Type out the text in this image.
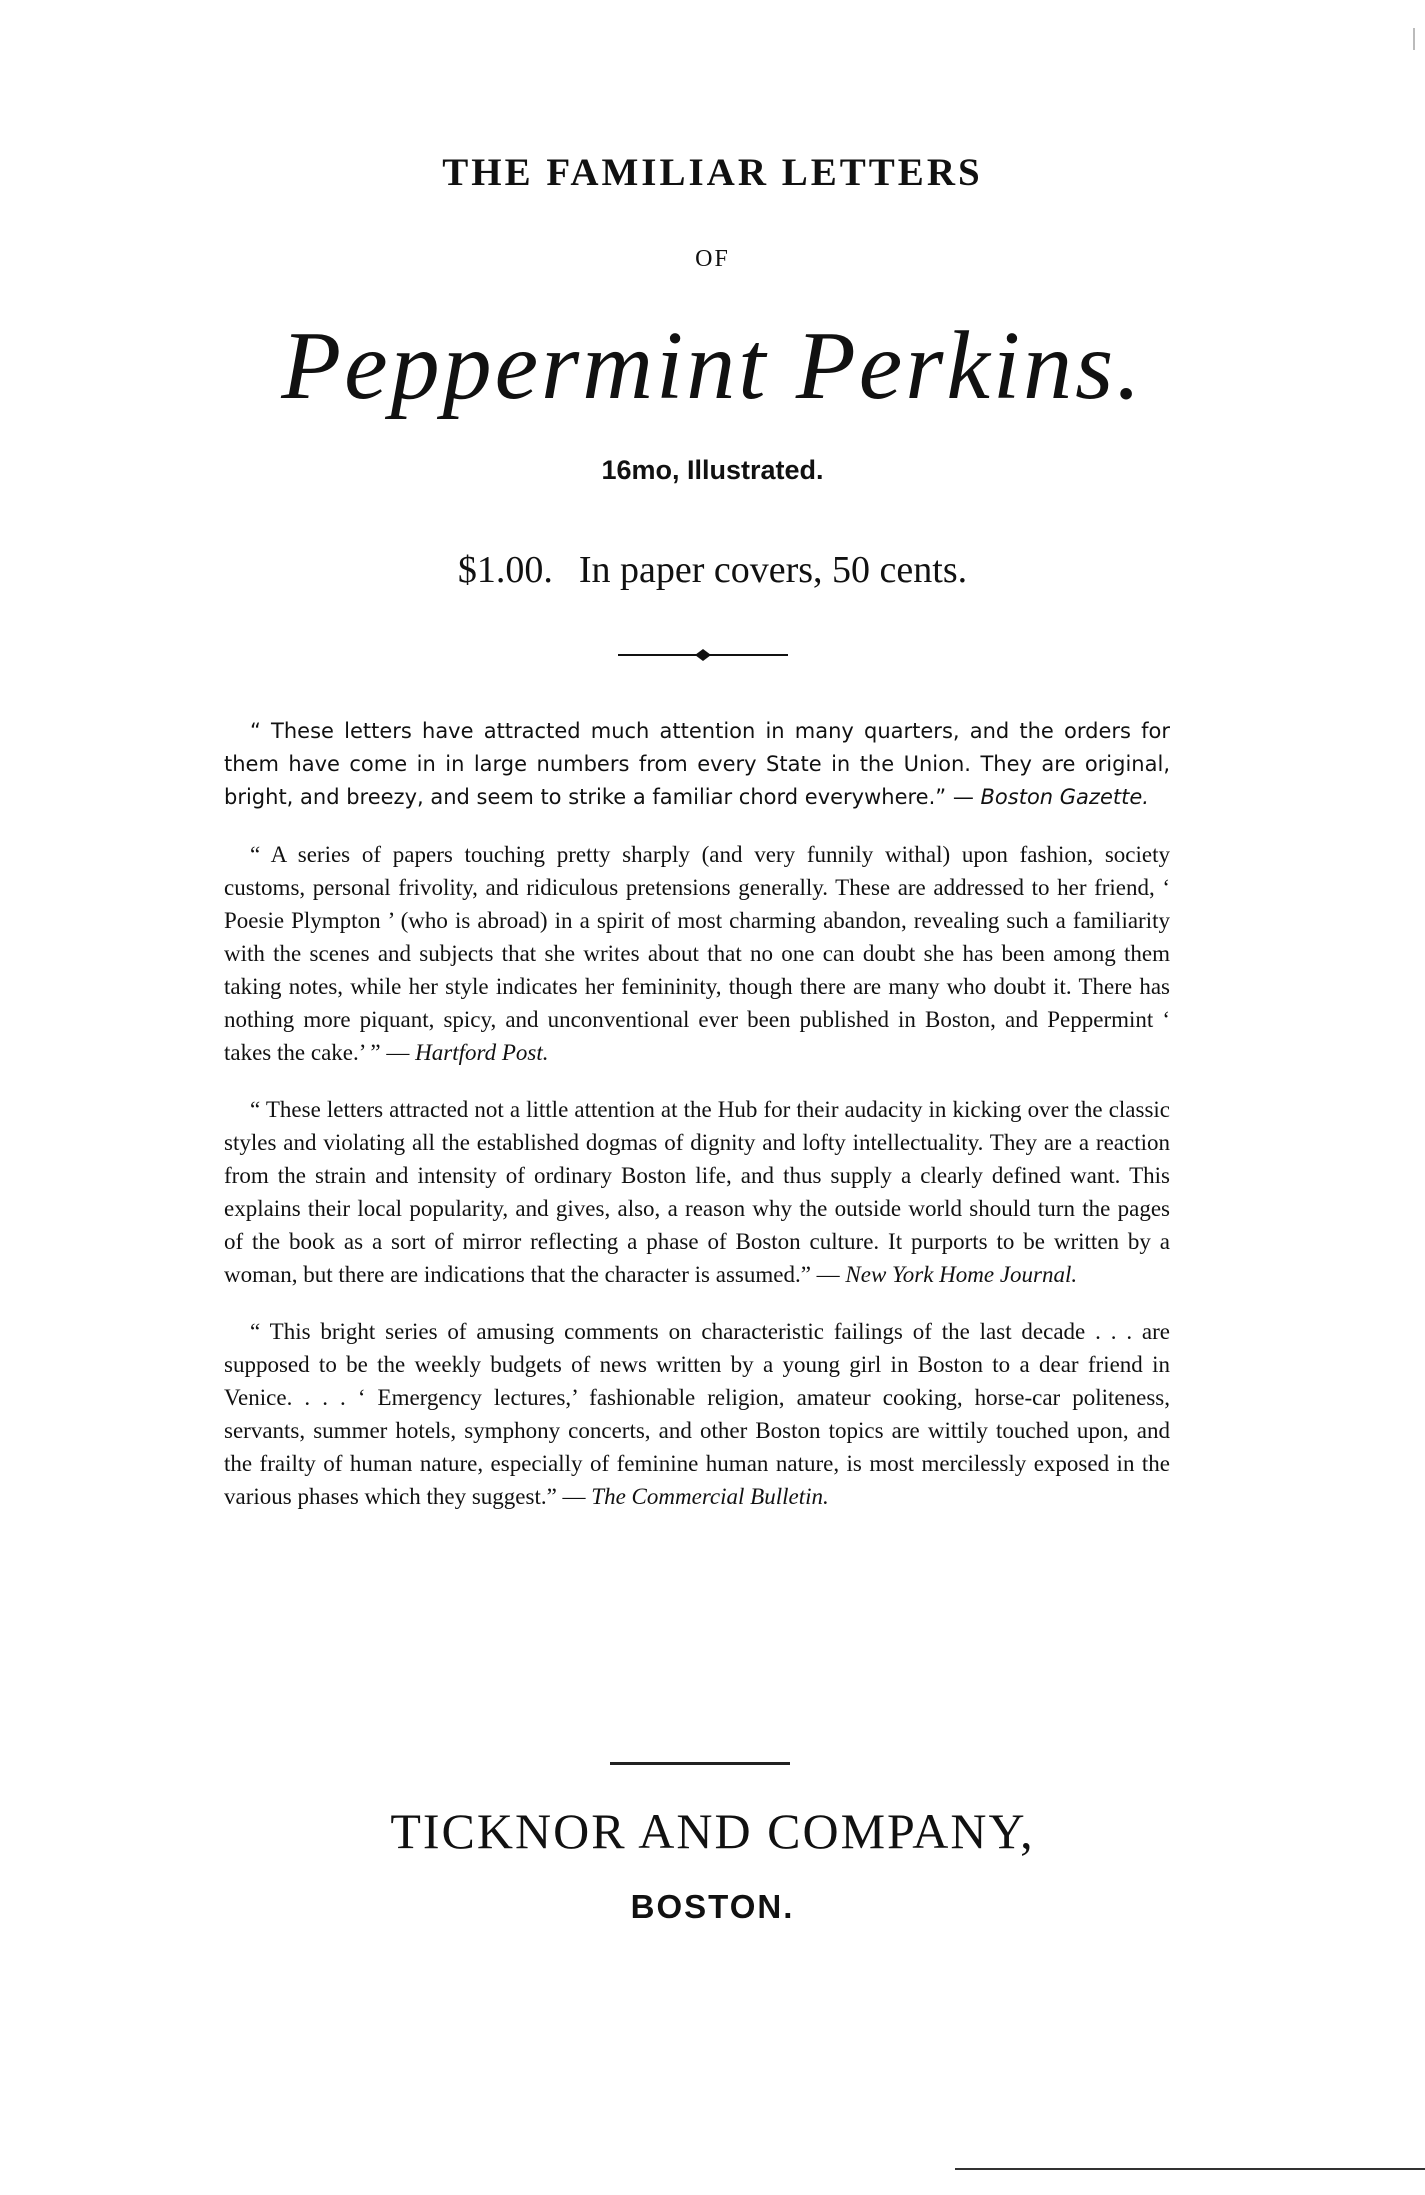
THE FAMILIAR LETTERS
OF
Peppermint Perkins.
16mo, Illustrated.
$1.00. In paper covers, 50 cents.

“ These letters have attracted much attention in many quarters, and the orders for them have come in in large numbers from every State in the Union. They are original, bright, and breezy, and seem to strike a familiar chord everywhere.” — Boston Gazette.

“ A series of papers touching pretty sharply (and very funnily withal) upon fashion, society customs, personal frivolity, and ridiculous pretensions generally. These are addressed to her friend, ‘ Poesie Plympton ’ (who is abroad) in a spirit of most charming abandon, revealing such a familiarity with the scenes and subjects that she writes about that no one can doubt she has been among them taking notes, while her style indicates her femininity, though there are many who doubt it. There has nothing more piquant, spicy, and unconventional ever been published in Boston, and Peppermint ‘ takes the cake.’ ” — Hartford Post.

“ These letters attracted not a little attention at the Hub for their audacity in kicking over the classic styles and violating all the established dogmas of dignity and lofty intellectuality. They are a reaction from the strain and intensity of ordinary Boston life, and thus supply a clearly defined want. This explains their local popularity, and gives, also, a reason why the outside world should turn the pages of the book as a sort of mirror reflecting a phase of Boston culture. It purports to be written by a woman, but there are indications that the character is assumed.” — New York Home Journal.

“ This bright series of amusing comments on characteristic failings of the last decade . . . are supposed to be the weekly budgets of news written by a young girl in Boston to a dear friend in Venice. . . . ‘ Emergency lectures,’ fashionable religion, amateur cooking, horse-car politeness, servants, summer hotels, symphony concerts, and other Boston topics are wittily touched upon, and the frailty of human nature, especially of feminine human nature, is most mercilessly exposed in the various phases which they suggest.” — The Commercial Bulletin.

TICKNOR AND COMPANY,
BOSTON.
